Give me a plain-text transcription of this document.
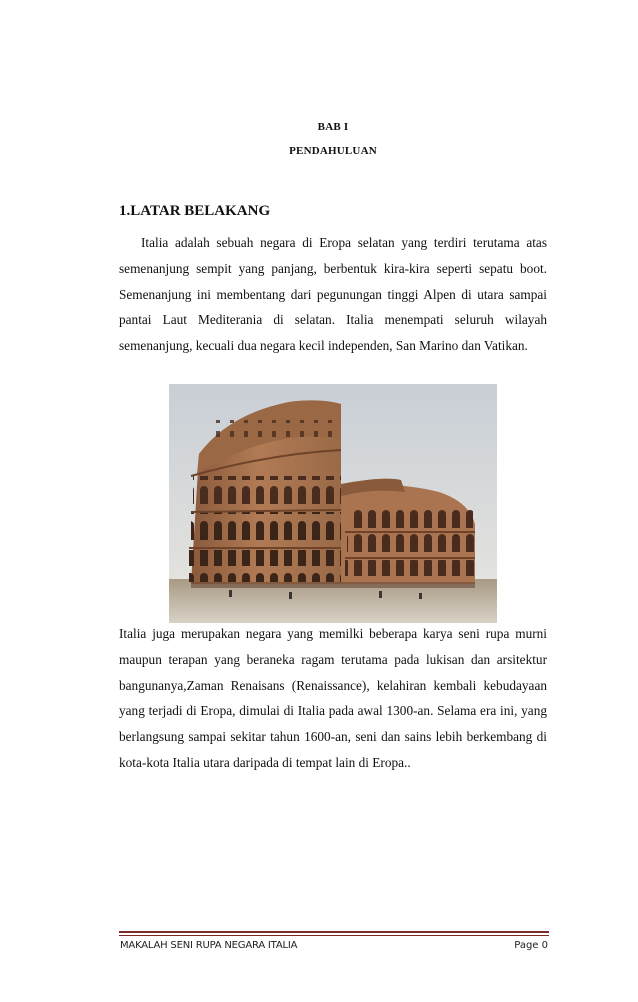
BAB I
PENDAHULUAN
1.LATAR BELAKANG

Italia adalah sebuah negara di Eropa selatan yang terdiri terutama atas semenanjung sempit yang panjang, berbentuk kira-kira seperti sepatu boot. Semenanjung ini membentang dari pegunungan tinggi Alpen di utara sampai pantai Laut Mediterania di selatan. Italia menempati seluruh wilayah semenanjung, kecuali dua negara kecil independen, San Marino dan Vatikan.

Italia juga merupakan negara yang memilki beberapa karya seni rupa murni maupun terapan yang beraneka ragam terutama pada lukisan dan arsitektur bangunanya,Zaman Renaisans (Renaissance), kelahiran kembali kebudayaan yang terjadi di Eropa, dimulai di Italia pada awal 1300-an. Selama era ini, yang berlangsung sampai sekitar tahun 1600-an, seni dan sains lebih berkembang di kota-kota Italia utara daripada di tempat lain di Eropa..

MAKALAH SENI RUPA NEGARA ITALIA	Page 0
